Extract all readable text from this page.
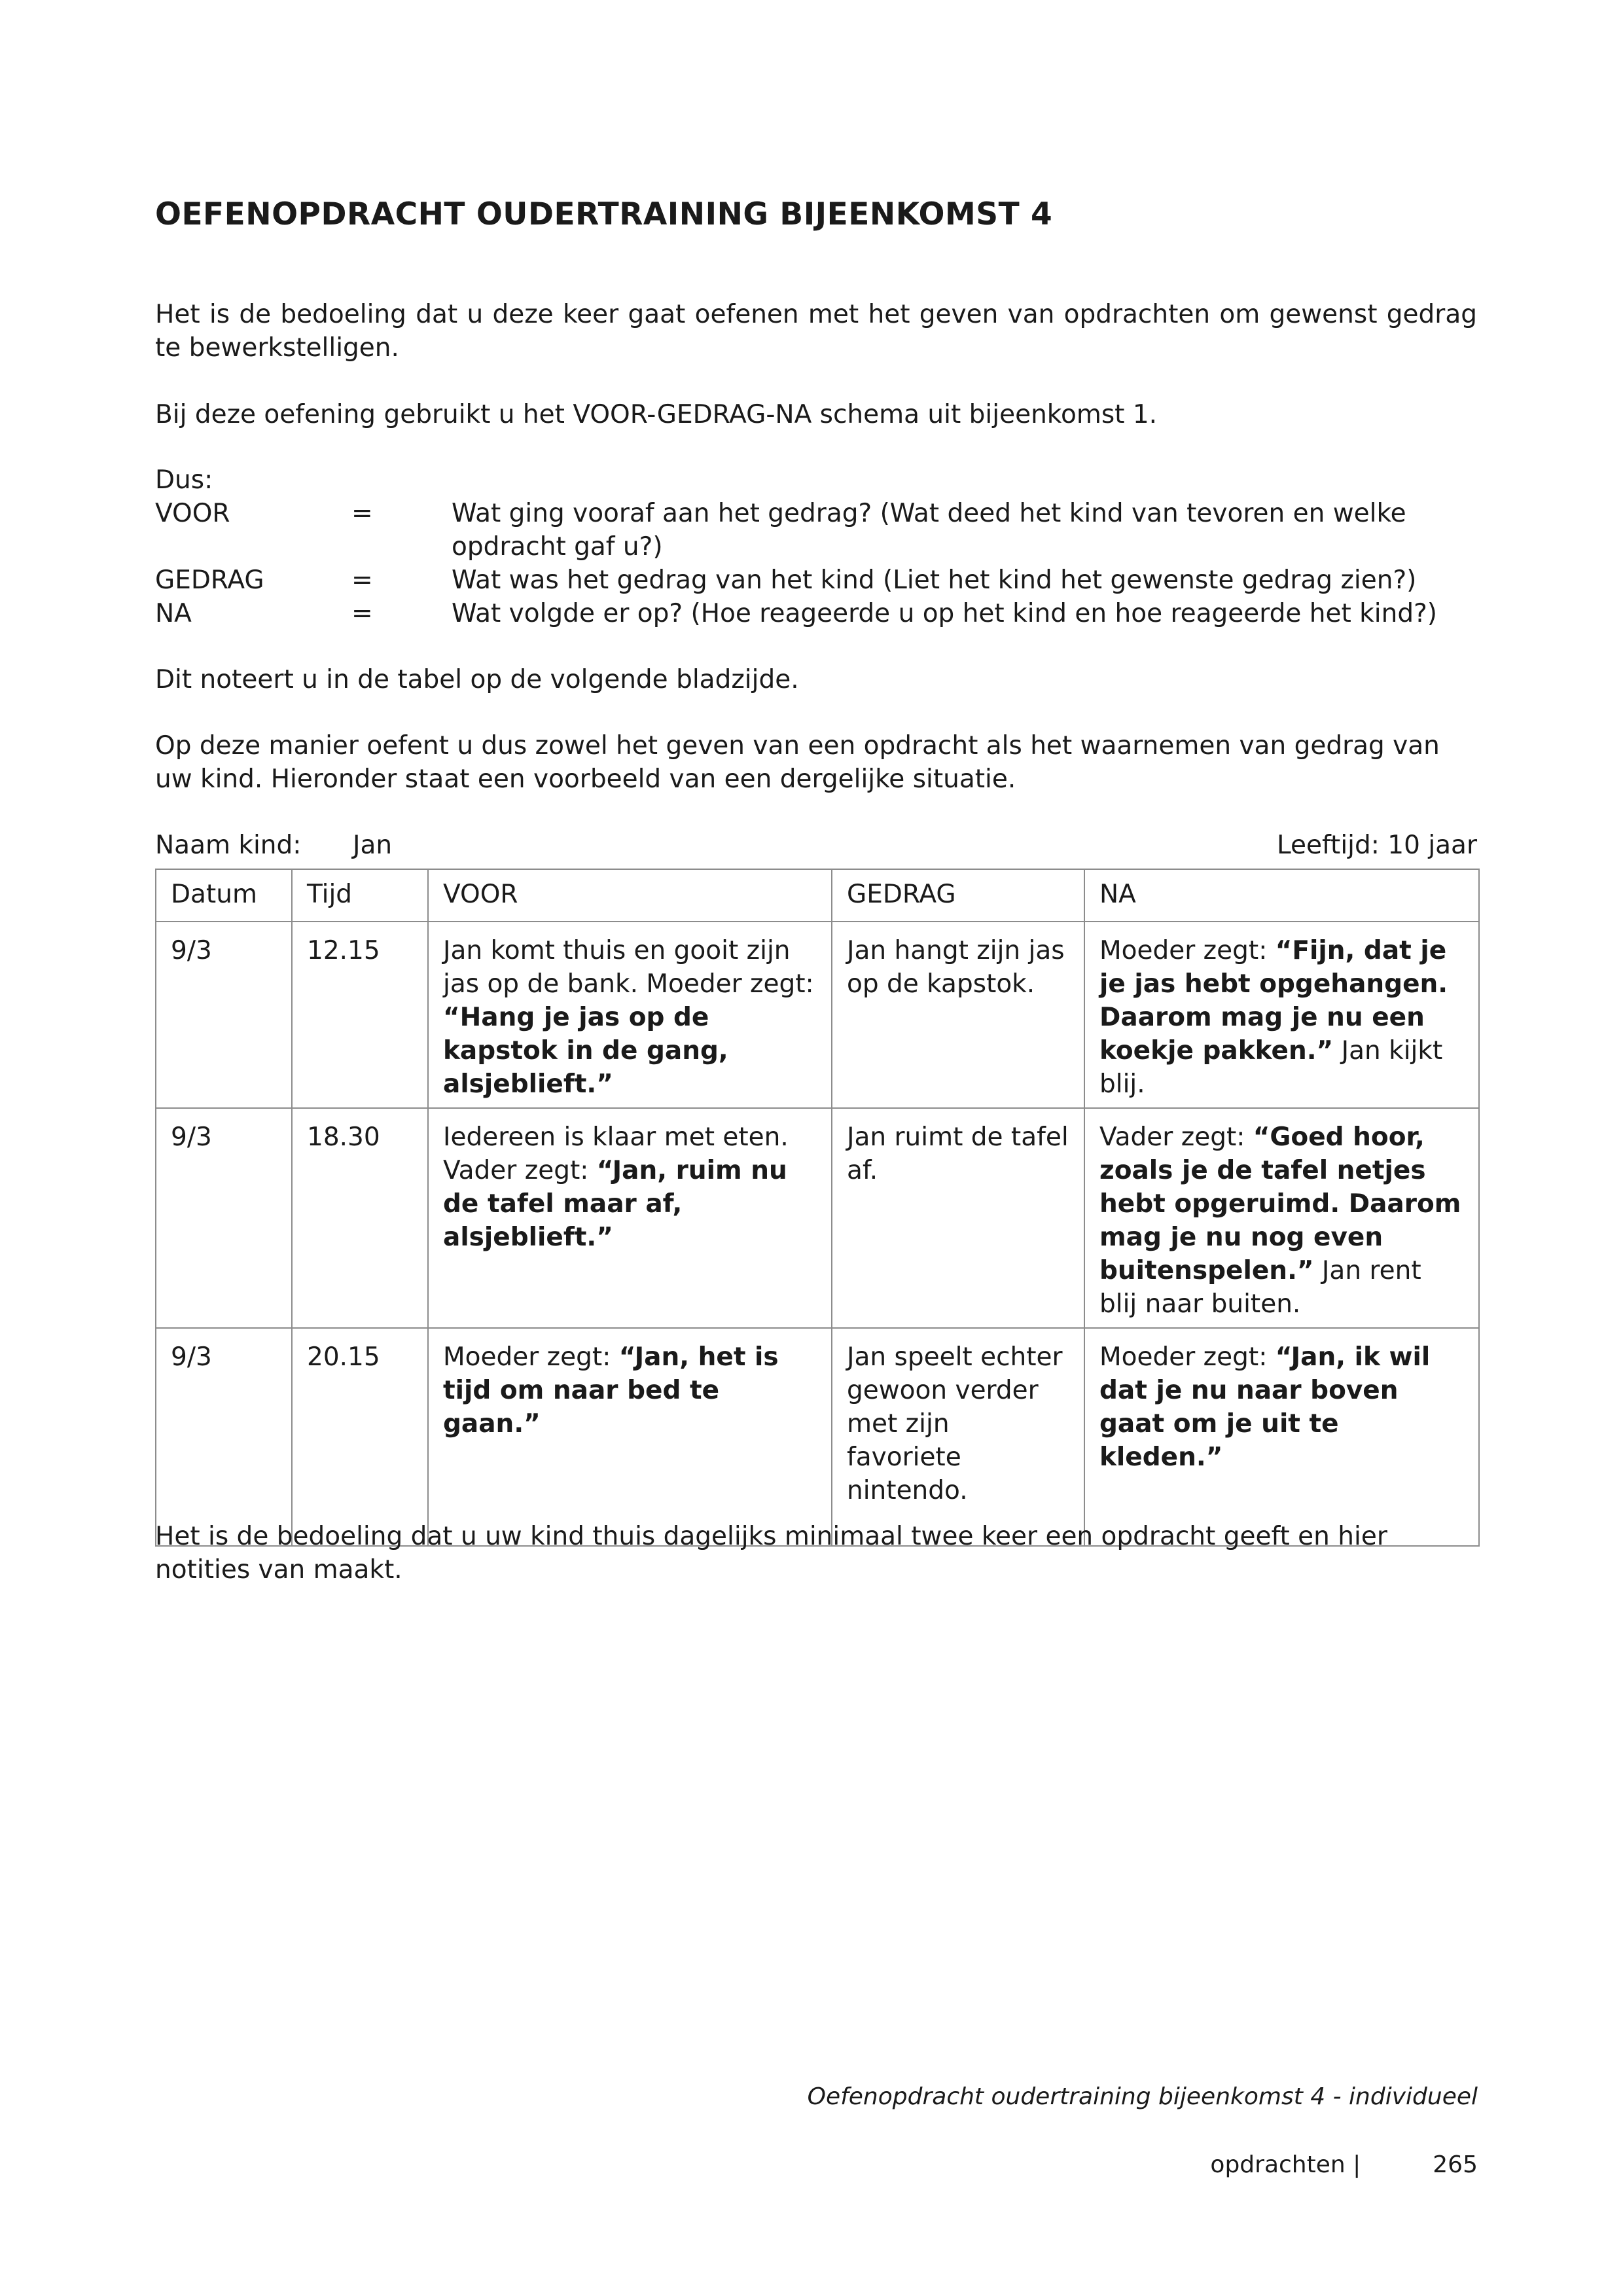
OEFENOPDRACHT OUDERTRAINING BIJEENKOMST 4

Het is de bedoeling dat u deze keer gaat oefenen met het geven van opdrachten om gewenst gedrag te bewerkstelligen.

Bij deze oefening gebruikt u het VOOR-GEDRAG-NA schema uit bijeenkomst 1.

Dus:
VOOR	=	Wat ging vooraf aan het gedrag? (Wat deed het kind van tevoren en welke opdracht gaf u?)
GEDRAG	=	Wat was het gedrag van het kind (Liet het kind het gewenste gedrag zien?)
NA	=	Wat volgde er op? (Hoe reageerde u op het kind en hoe reageerde het kind?)

Dit noteert u in de tabel op de volgende bladzijde.

Op deze manier oefent u dus zowel het geven van een opdracht als het waarnemen van gedrag van uw kind. Hieronder staat een voorbeeld van een dergelijke situatie.

Naam kind:	Jan	Leeftijd: 10 jaar
Datum	Tijd	VOOR	GEDRAG	NA
9/3	12.15	Jan komt thuis en gooit zijn jas op de bank. Moeder zegt: “Hang je jas op de kapstok in de gang, alsjeblieft.”	Jan hangt zijn jas op de kapstok.	Moeder zegt: “Fijn, dat je je jas hebt opgehangen. Daarom mag je nu een koekje pakken.” Jan kijkt blij.
9/3	18.30	Iedereen is klaar met eten. Vader zegt: “Jan, ruim nu de tafel maar af, alsjeblieft.”	Jan ruimt de tafel af.	Vader zegt: “Goed hoor, zoals je de tafel netjes hebt opgeruimd. Daarom mag je nu nog even buitenspelen.” Jan rent blij naar buiten.
9/3	20.15	Moeder zegt: “Jan, het is tijd om naar bed te gaan.”	Jan speelt echter gewoon verder met zijn favoriete nintendo.	Moeder zegt: “Jan, ik wil dat je nu naar boven gaat om je uit te kleden.”

Het is de bedoeling dat u uw kind thuis dagelijks minimaal twee keer een opdracht geeft en hier notities van maakt.

Oefenopdracht oudertraining bijeenkomst 4 - individueel
opdrachten |	265
